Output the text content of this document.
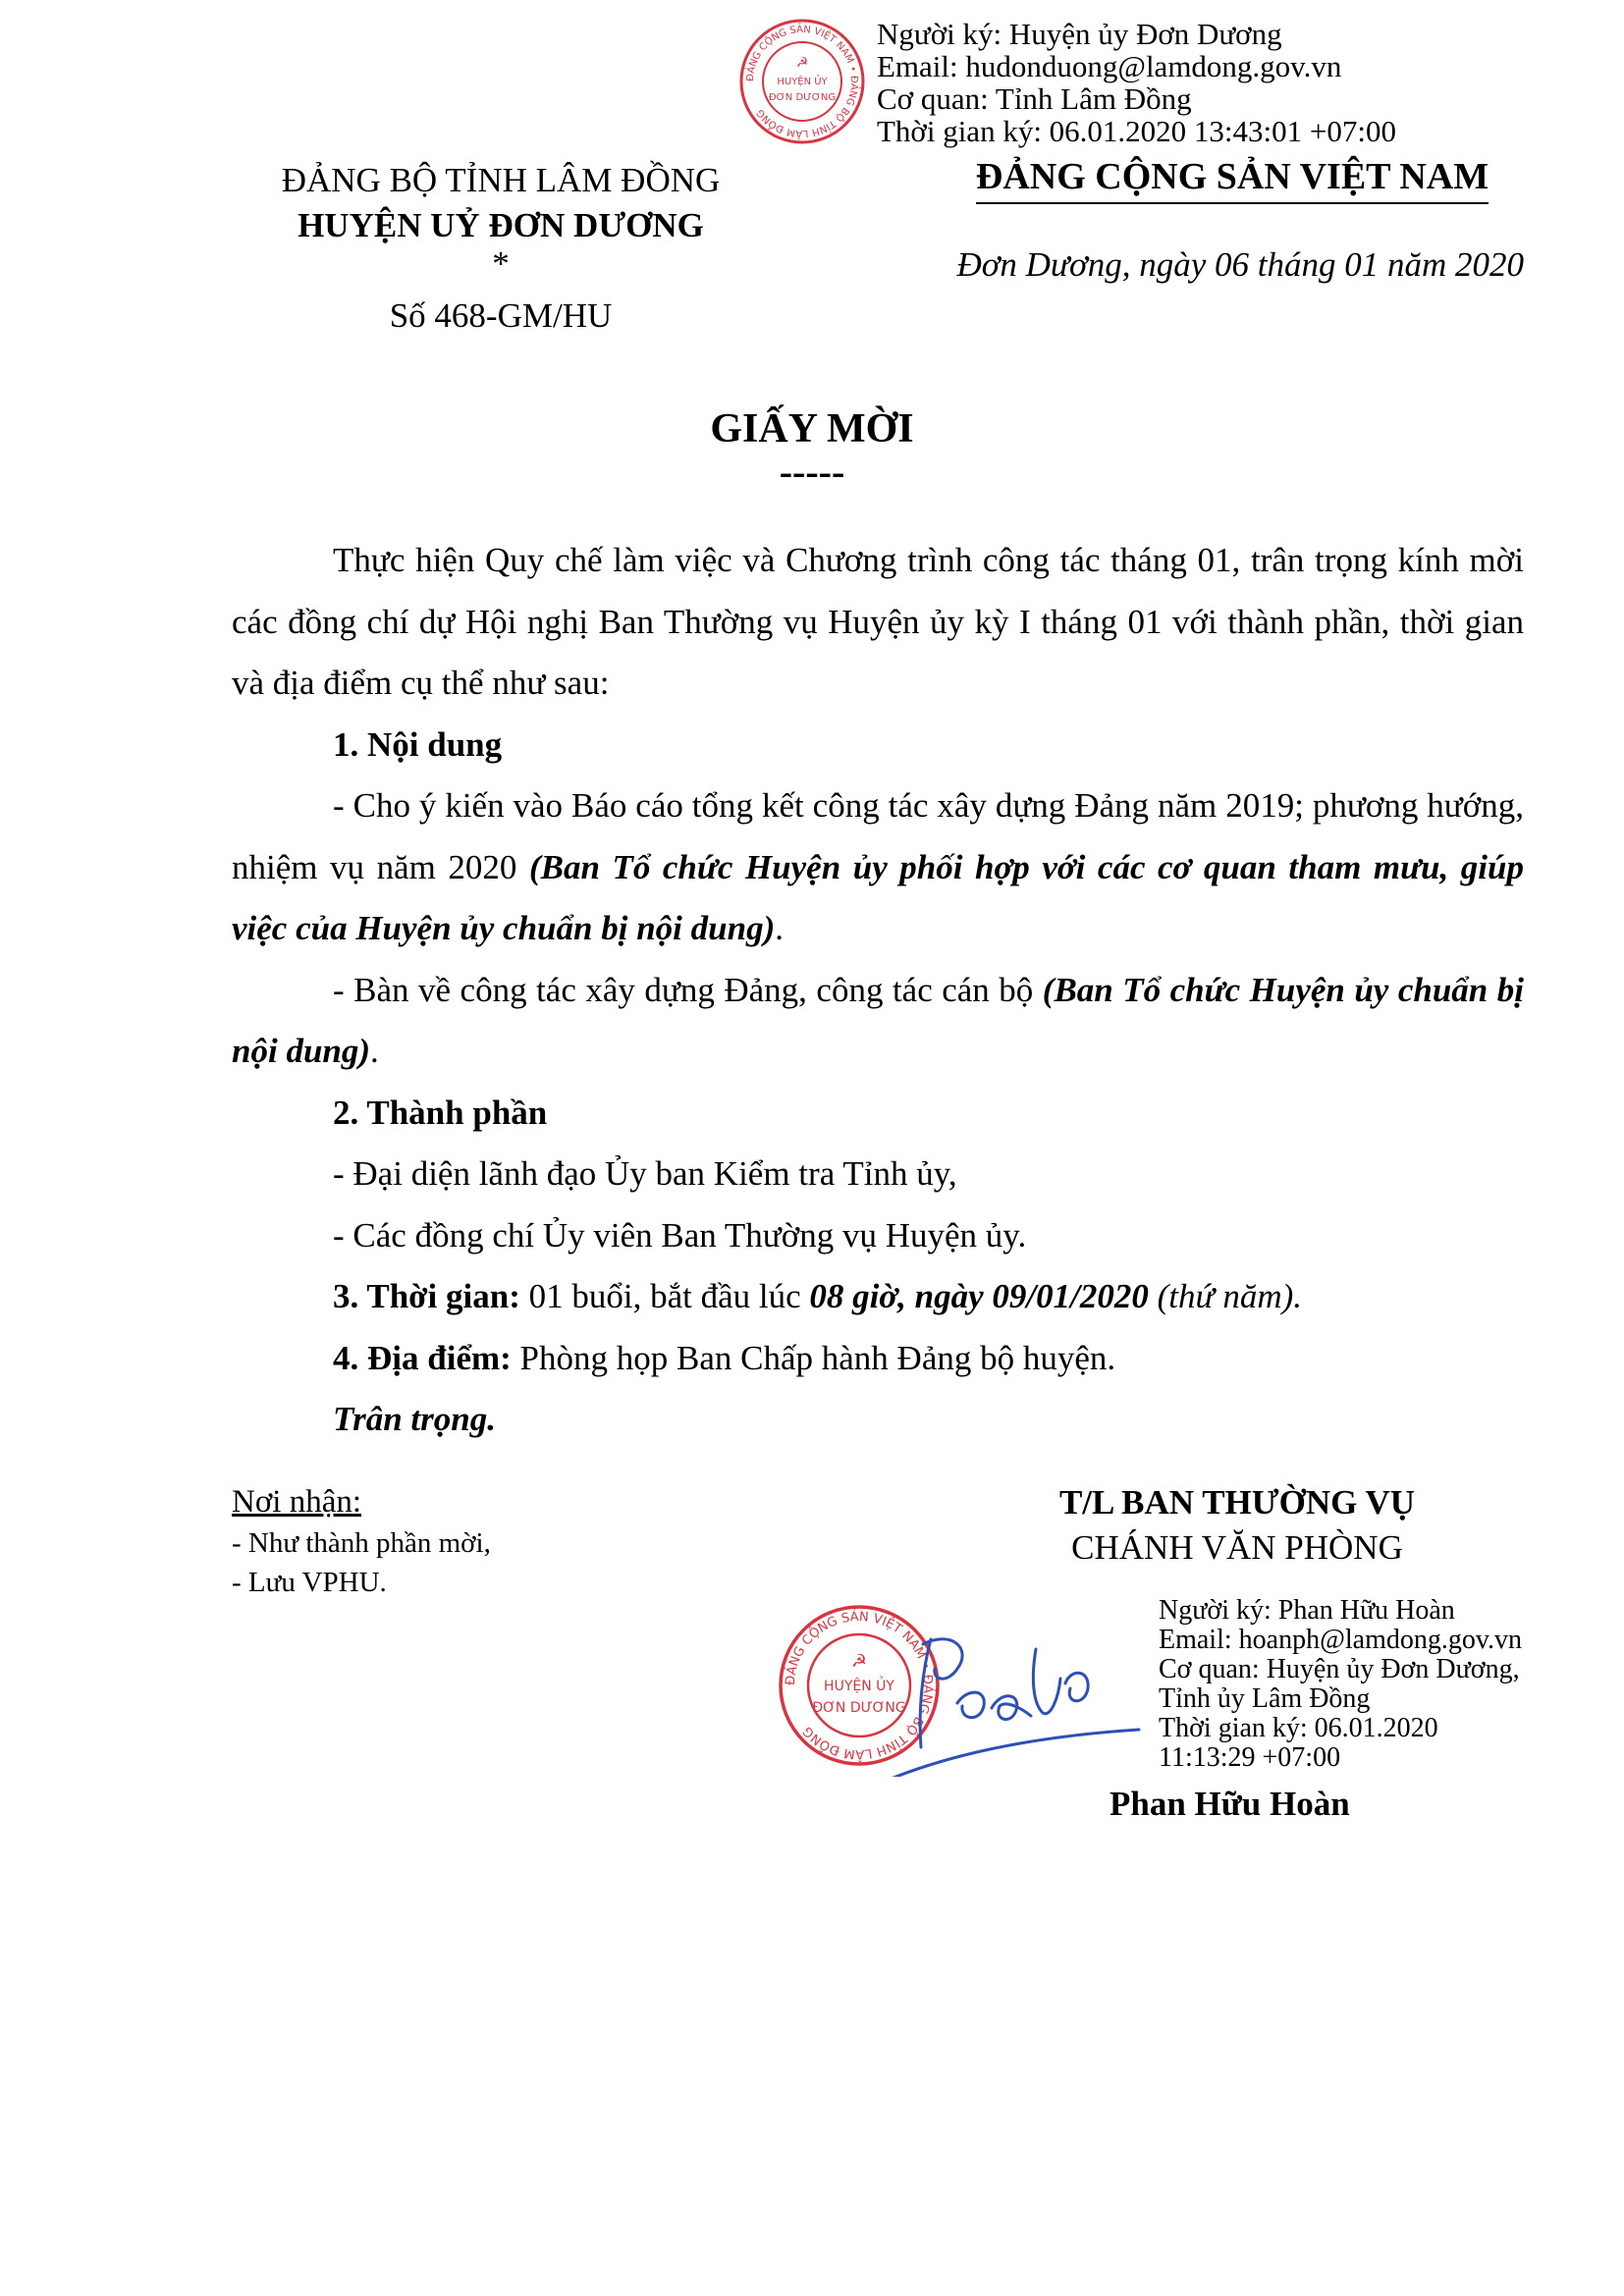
ĐẢNG CỘNG SẢN VIỆT NAM • ĐẢNG BỘ TỈNH LÂM ĐỒNG
☭
HUYỆN ỦY
ĐƠN DƯƠNG
Người ký: Huyện ủy Đơn Dương
Email: hudonduong@lamdong.gov.vn
Cơ quan: Tỉnh Lâm Đồng
Thời gian ký: 06.01.2020 13:43:01 +07:00
ĐẢNG BỘ TỈNH LÂM ĐỒNG
HUYỆN UỶ ĐƠN DƯƠNG
*
Số 468-GM/HU
ĐẢNG CỘNG SẢN VIỆT NAM
Đơn Dương, ngày 06 tháng 01 năm 2020
GIẤY MỜI
-----

Thực hiện Quy chế làm việc và Chương trình công tác tháng 01, trân trọng kính mời các đồng chí dự Hội nghị Ban Thường vụ Huyện ủy kỳ I tháng 01 với thành phần, thời gian và địa điểm cụ thể như sau:

1. Nội dung

- Cho ý kiến vào Báo cáo tổng kết công tác xây dựng Đảng năm 2019; phương hướng, nhiệm vụ năm 2020 (Ban Tổ chức Huyện ủy phối hợp với các cơ quan tham mưu, giúp việc của Huyện ủy chuẩn bị nội dung).

- Bàn về công tác xây dựng Đảng, công tác cán bộ (Ban Tổ chức Huyện ủy chuẩn bị nội dung).

2. Thành phần

- Đại diện lãnh đạo Ủy ban Kiểm tra Tỉnh ủy,

- Các đồng chí Ủy viên Ban Thường vụ Huyện ủy.

3. Thời gian: 01 buổi, bắt đầu lúc 08 giờ, ngày 09/01/2020 (thứ năm).

4. Địa điểm: Phòng họp Ban Chấp hành Đảng bộ huyện.

Trân trọng.

Nơi nhận:
- Như thành phần mời,
- Lưu VPHU.
T/L BAN THƯỜNG VỤ
CHÁNH VĂN PHÒNG
ĐẢNG CỘNG SẢN VIỆT NAM • ĐẢNG BỘ TỈNH LÂM ĐỒNG
☭
HUYỆN ỦY
ĐƠN DƯƠNG
Người ký: Phan Hữu Hoàn
Email: hoanph@lamdong.gov.vn
Cơ quan: Huyện ủy Đơn Dương,
Tỉnh ủy Lâm Đồng
Thời gian ký: 06.01.2020
11:13:29 +07:00
Phan Hữu Hoàn
